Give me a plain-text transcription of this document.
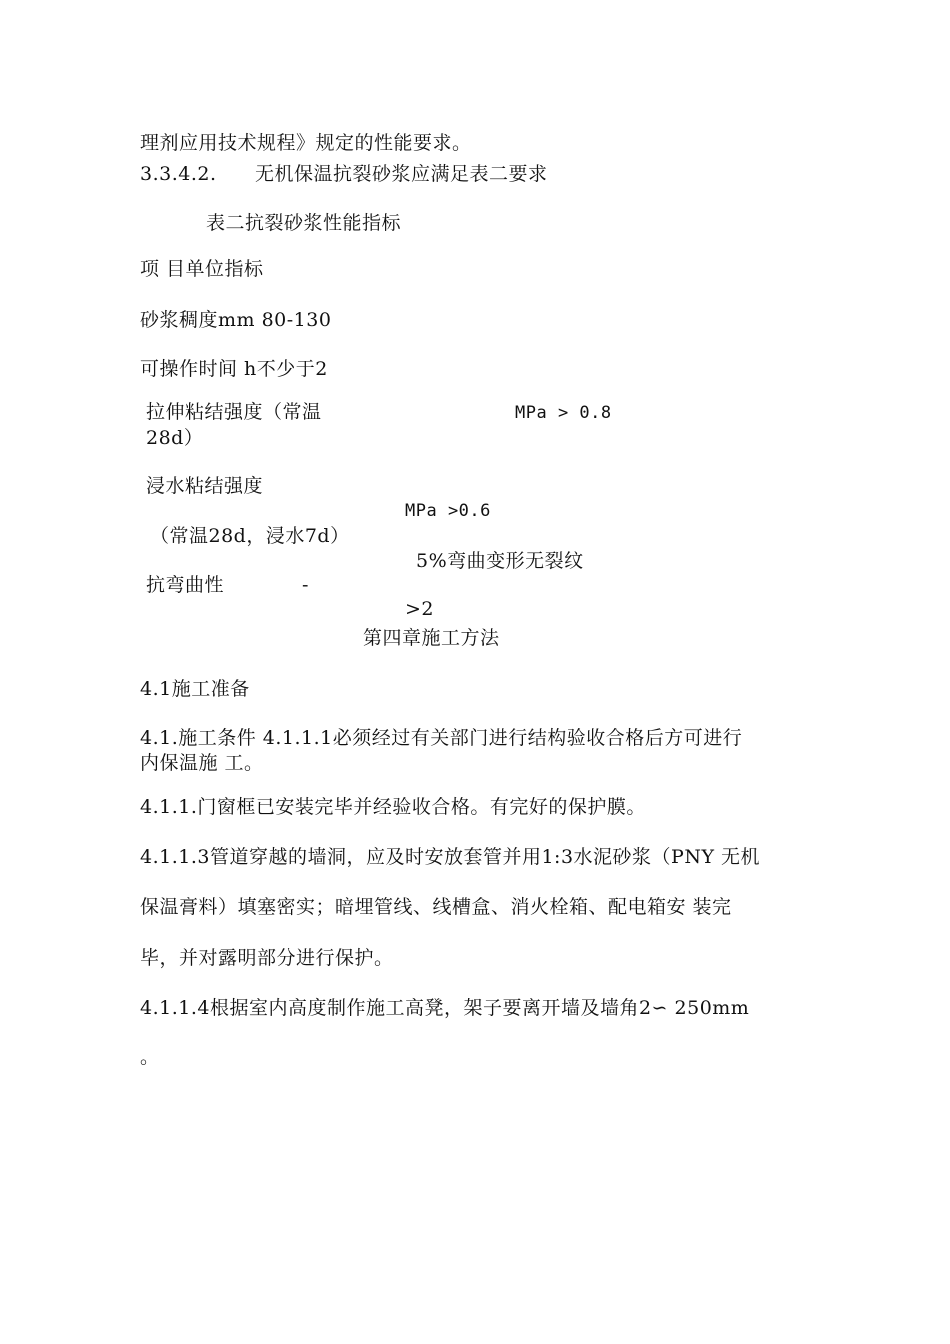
理剂应用技术规程》规定的性能要求。
3.3.4.2. 无机保温抗裂砂浆应满足表二要求
表二抗裂砂浆性能指标
项 目单位指标
砂浆稠度mm 80-130
可操作时间 h不少于2
拉伸粘结强度（常温
28d）
MPa > 0.8
浸水粘结强度
MPa >0.6
（常温28d，浸水7d）
5%弯曲变形无裂纹
抗弯曲性	-
>2
第四章施工方法
4.1施工准备
4.1.施工条件 4.1.1.1必须经过有关部门进行结构验收合格后方可进行
内保温施 工。
4.1.1.门窗框已安装完毕并经验收合格。有完好的保护膜。
4.1.1.3管道穿越的墙洞，应及时安放套管并用1:3水泥砂浆（PNY 无机
保温膏料）填塞密实；暗埋管线、线槽盒、消火栓箱、配电箱安 装完
毕，并对露明部分进行保护。
4.1.1.4根据室内高度制作施工高凳，架子要离开墙及墙角2∽ 250mm
。
